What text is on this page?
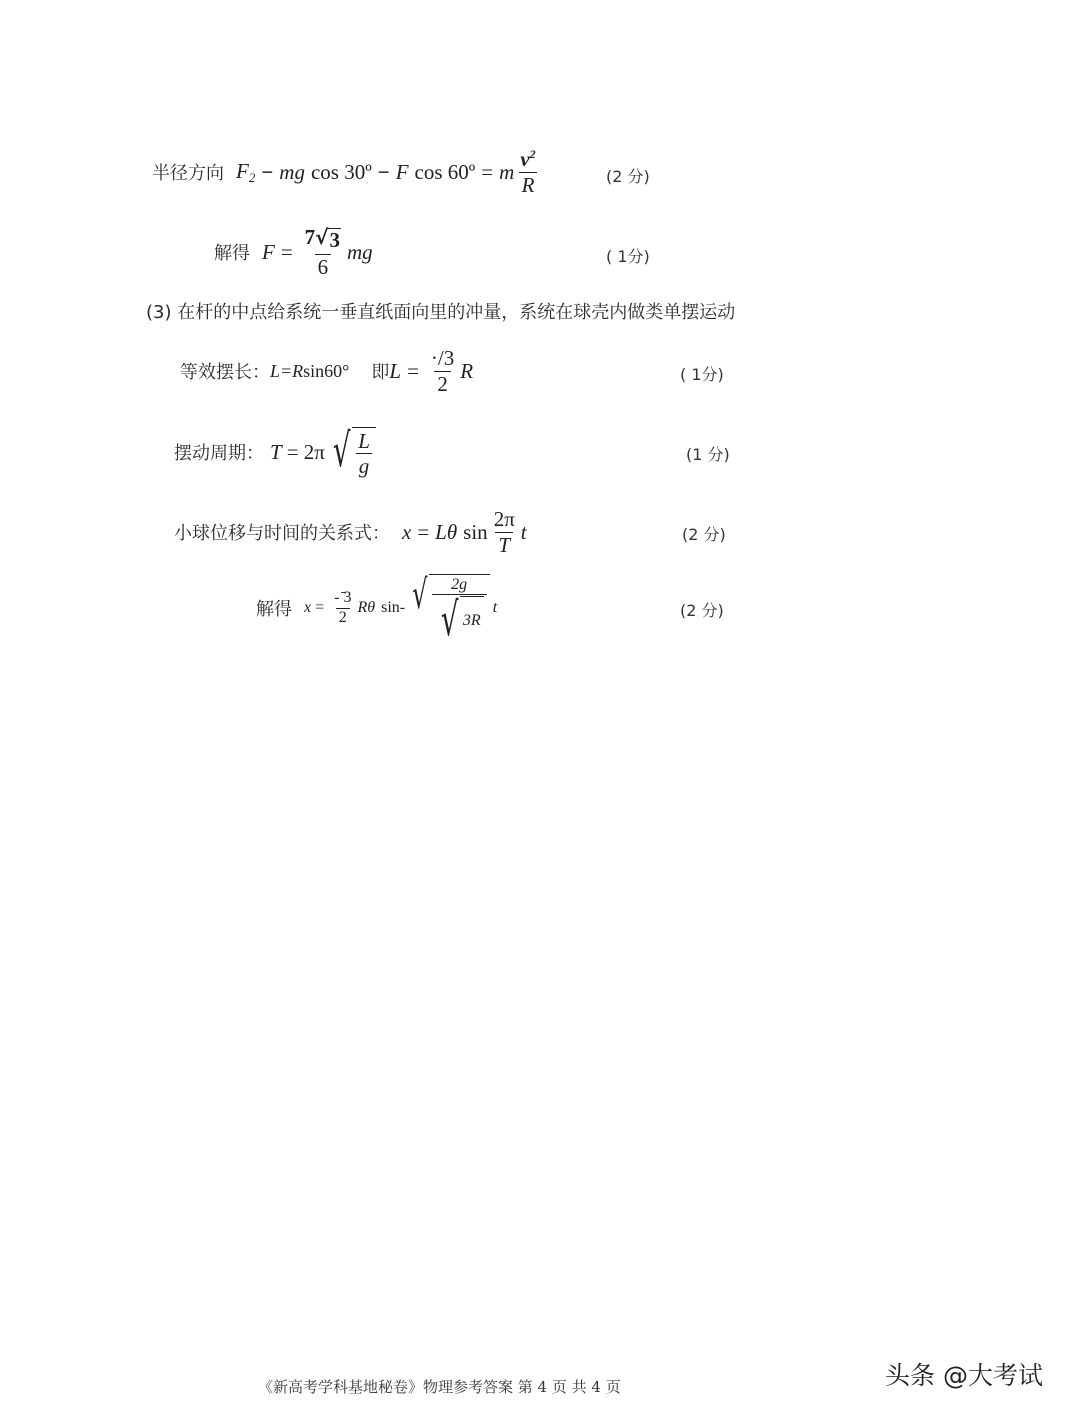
半径方向 $F_2$ − mg cos 30º − F cos 60º = m $\frac{v^2}{R}$	(2 分)
解得 $F = \frac{7 √ 3}{6}$ mg	( 1分)
(3) 在杆的中点给系统一垂直纸面向里的冲量，系统在球壳内做类单摆运动
等效摆长： L =R sin60° 即 $L = \frac{\cdot/3}{2}$ R	( 1分)
摆动周期： T = 2π √ $\frac{L}{g}$	(1 分)
小球位移与时间的关系式： x = Lθ $\sin \frac{2\pi}{T}$ t	(2 分)
解得 $x = \frac{- ̄3}{2}$ Rθ sin - √ $\frac{2g}{√ 3R}$ t	(2 分)
《新高考学科基地秘卷》物理参考答案 第 4 页 共 4 页	头条 @大考试
